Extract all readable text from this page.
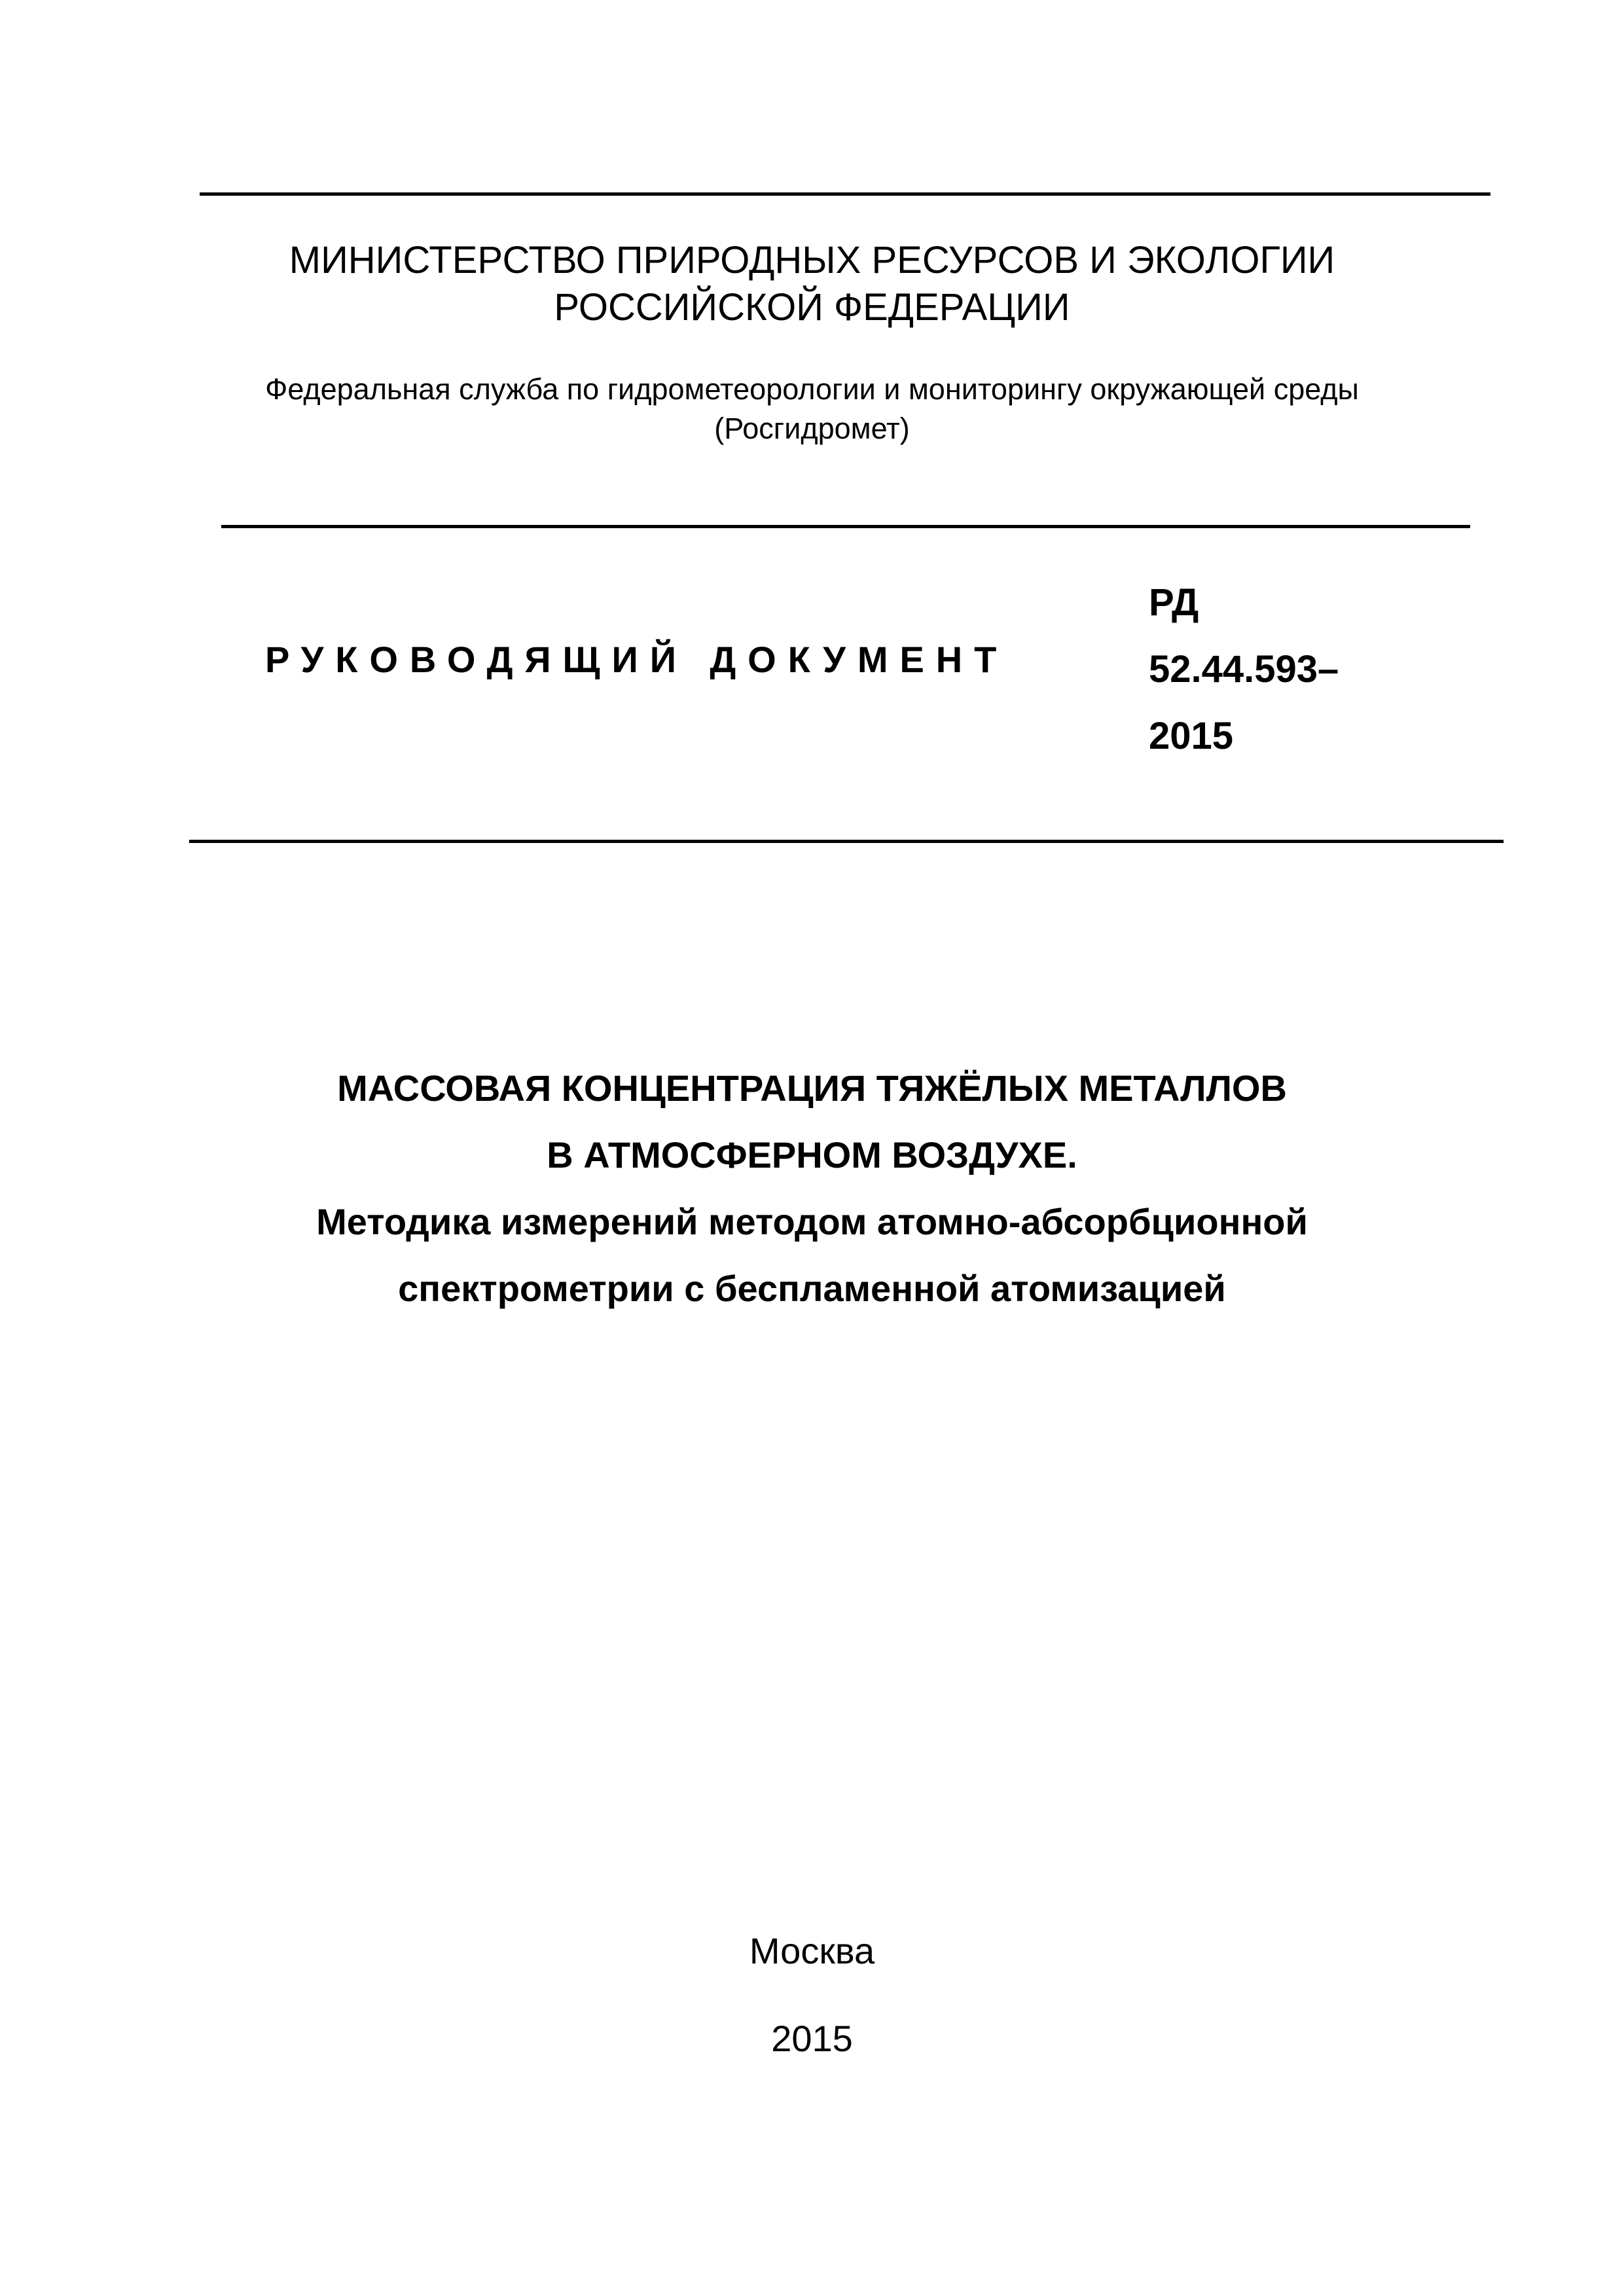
МИНИСТЕРСТВО ПРИРОДНЫХ РЕСУРСОВ И ЭКОЛОГИИ
РОССИЙСКОЙ ФЕДЕРАЦИИ
Федеральная служба по гидрометеорологии и мониторингу окружающей среды
(Росгидромет)
РУКОВОДЯЩИЙ ДОКУМЕНТ
РД
52.44.593–
2015
МАССОВАЯ КОНЦЕНТРАЦИЯ ТЯЖЁЛЫХ МЕТАЛЛОВ
В АТМОСФЕРНОМ ВОЗДУХЕ.
Методика измерений методом атомно-абсорбционной
спектрометрии с беспламенной атомизацией
Москва
2015
